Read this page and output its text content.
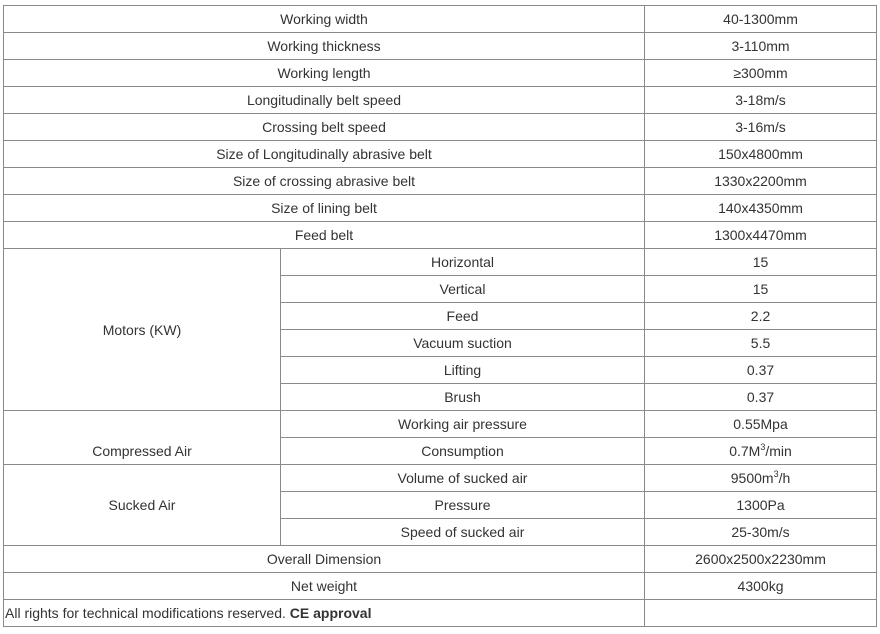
Working width		40-1300mm
Working thickness		3-110mm
Working length		≥300mm
Longitudinally belt speed		3-18m/s
Crossing belt speed		3-16m/s
Size of Longitudinally abrasive belt		150x4800mm
Size of crossing abrasive belt		1330x2200mm
Size of lining belt		140x4350mm
Feed belt		1300x4470mm
Motors (KW)	Horizontal	15
	Vertical	15
	Feed	2.2
	Vacuum suction	5.5
	Lifting	0.37
	Brush	0.37
Compressed Air	Working air pressure	0.55Mpa
	Consumption	$0.7M^3/\min$
Sucked Air	Volume of sucked air	$9500m^3/h$
	Pressure	1300Pa
	Speed of sucked air	25-30m/s
Overall Dimension		2600x2500x2230mm
Net weight		4300kg
All rights for technical modifications reserved. CE approval		
